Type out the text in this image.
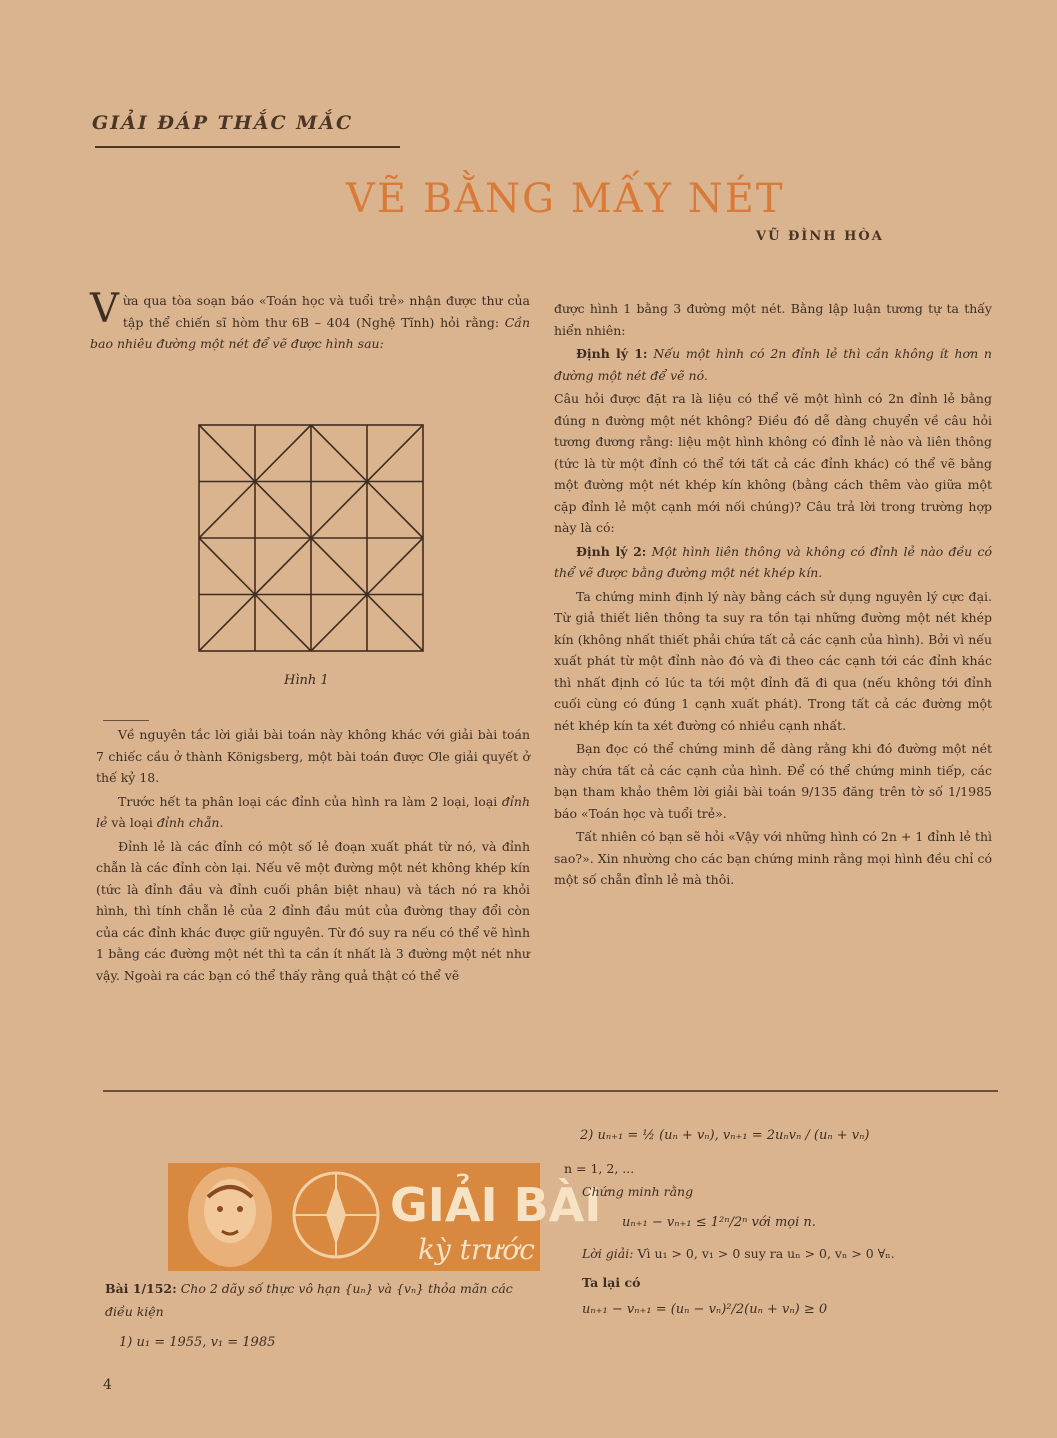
GIẢI ĐÁP THẮC MẮC
VẼ BẰNG MẤY NÉT
VŨ ĐÌNH HÒA

V ừa qua tòa soạn báo «Toán học và tuổi trẻ» nhận được thư của tập thể chiến sĩ hòm thư 6B – 404 (Nghệ Tĩnh) hỏi rằng: Cần bao nhiêu đường một nét để vẽ được hình sau:

Hình 1

Về nguyên tắc lời giải bài toán này không khác với giải bài toán 7 chiếc cầu ở thành Königsberg, một bài toán được Ơle giải quyết ở thế kỷ 18.

Trước hết ta phân loại các đỉnh của hình ra làm 2 loại, loại đỉnh lẻ và loại đỉnh chẵn.

Đỉnh lẻ là các đỉnh có một số lẻ đoạn xuất phát từ nó, và đỉnh chẵn là các đỉnh còn lại. Nếu vẽ một đường một nét không khép kín (tức là đỉnh đầu và đỉnh cuối phân biệt nhau) và tách nó ra khỏi hình, thì tính chẵn lẻ của 2 đỉnh đầu mút của đường thay đổi còn của các đỉnh khác được giữ nguyên. Từ đó suy ra nếu có thể vẽ hình 1 bằng các đường một nét thì ta cần ít nhất là 3 đường một nét như vậy. Ngoài ra các bạn có thể thấy rằng quả thật có thể vẽ

được hình 1 bằng 3 đường một nét. Bằng lập luận tương tự ta thấy hiển nhiên:

Định lý 1: Nếu một hình có 2n đỉnh lẻ thì cần không ít hơn n đường một nét để vẽ nó.

Câu hỏi được đặt ra là liệu có thể vẽ một hình có 2n đỉnh lẻ bằng đúng n đường một nét không? Điều đó dễ dàng chuyển về câu hỏi tương đương rằng: liệu một hình không có đỉnh lẻ nào và liên thông (tức là từ một đỉnh có thể tới tất cả các đỉnh khác) có thể vẽ bằng một đường một nét khép kín không (bằng cách thêm vào giữa một cặp đỉnh lẻ một cạnh mới nối chúng)? Câu trả lời trong trường hợp này là có:

Định lý 2: Một hình liên thông và không có đỉnh lẻ nào đều có thể vẽ được bằng đường một nét khép kín.

Ta chứng minh định lý này bằng cách sử dụng nguyên lý cực đại. Từ giả thiết liên thông ta suy ra tồn tại những đường một nét khép kín (không nhất thiết phải chứa tất cả các cạnh của hình). Bởi vì nếu xuất phát từ một đỉnh nào đó và đi theo các cạnh tới các đỉnh khác thì nhất định có lúc ta tới một đỉnh đã đi qua (nếu không tới đỉnh cuối cùng có đúng 1 cạnh xuất phát). Trong tất cả các đường một nét khép kín ta xét đường có nhiều cạnh nhất.

Bạn đọc có thể chứng minh dễ dàng rằng khi đó đường một nét này chứa tất cả các cạnh của hình. Để có thể chứng minh tiếp, các bạn tham khảo thêm lời giải bài toán 9/135 đăng trên tờ số 1/1985 báo «Toán học và tuổi trẻ».

Tất nhiên có bạn sẽ hỏi «Vậy với những hình có 2n + 1 đỉnh lẻ thì sao?». Xin nhường cho các bạn chứng minh rằng mọi hình đều chỉ có một số chẵn đỉnh lẻ mà thôi.

GIẢI BÀI
kỳ trước
Bài 1/152: Cho 2 dãy số thực vô hạn {uₙ} và {vₙ} thỏa mãn các điều kiện
1) u₁ = 1955, v₁ = 1985
2) uₙ₊₁ = ½ (uₙ + vₙ), vₙ₊₁ = 2uₙvₙ / (uₙ + vₙ)
n = 1, 2, ...
Chứng minh rằng
uₙ₊₁ − vₙ₊₁ ≤ 1²ⁿ/2ⁿ với mọi n.
Lời giải: Vì u₁ > 0, v₁ > 0 suy ra uₙ > 0, vₙ > 0 ∀ₙ.
Ta lại có
uₙ₊₁ − vₙ₊₁ = (uₙ − vₙ)²/2(uₙ + vₙ) ≥ 0
4
